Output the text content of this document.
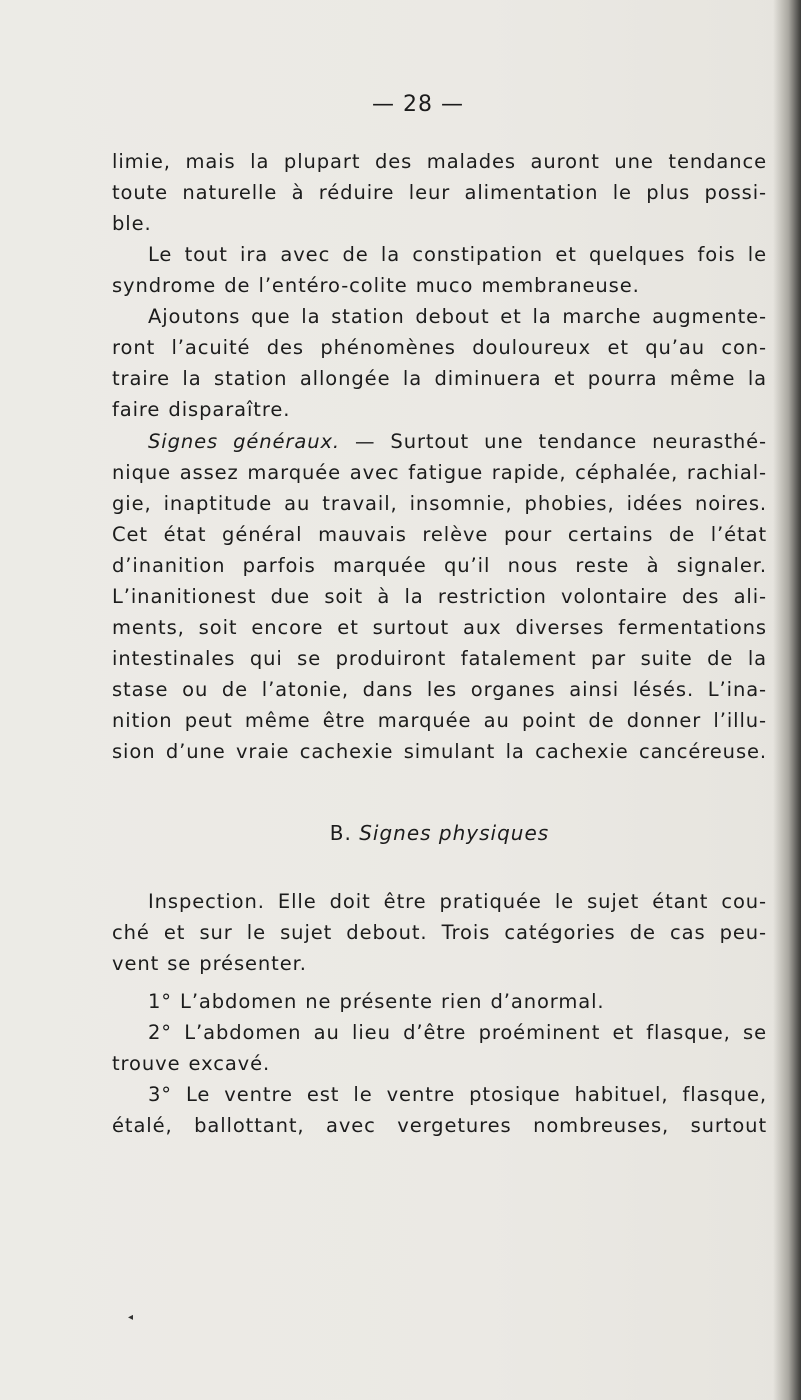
— 28 —
limie, mais la plupart des malades auront une tendance
toute naturelle à réduire leur alimentation le plus possi-
ble.
Le tout ira avec de la constipation et quelques fois le
syndrome de l’entéro-colite muco membraneuse.
Ajoutons que la station debout et la marche augmente-
ront l’acuité des phénomènes douloureux et qu’au con-
traire la station allongée la diminuera et pourra même la
faire disparaître.
Signes généraux. — Surtout une tendance neurasthé-
nique assez marquée avec fatigue rapide, céphalée, rachial-
gie, inaptitude au travail, insomnie, phobies, idées noires.
Cet état général mauvais relève pour certains de l’état
d’inanition parfois marquée qu’il nous reste à signaler.
L’inanitionest due soit à la restriction volontaire des ali-
ments, soit encore et surtout aux diverses fermentations
intestinales qui se produiront fatalement par suite de la
stase ou de l’atonie, dans les organes ainsi lésés. L’ina-
nition peut même être marquée au point de donner l’illu-
sion d’une vraie cachexie simulant la cachexie cancéreuse.
B. Signes physiques
Inspection. Elle doit être pratiquée le sujet étant cou-
ché et sur le sujet debout. Trois catégories de cas peu-
vent se présenter.
1° L’abdomen ne présente rien d’anormal.
2° L’abdomen au lieu d’être proéminent et flasque, se
trouve excavé.
3° Le ventre est le ventre ptosique habituel, flasque,
étalé, ballottant, avec vergetures nombreuses, surtout
◂
